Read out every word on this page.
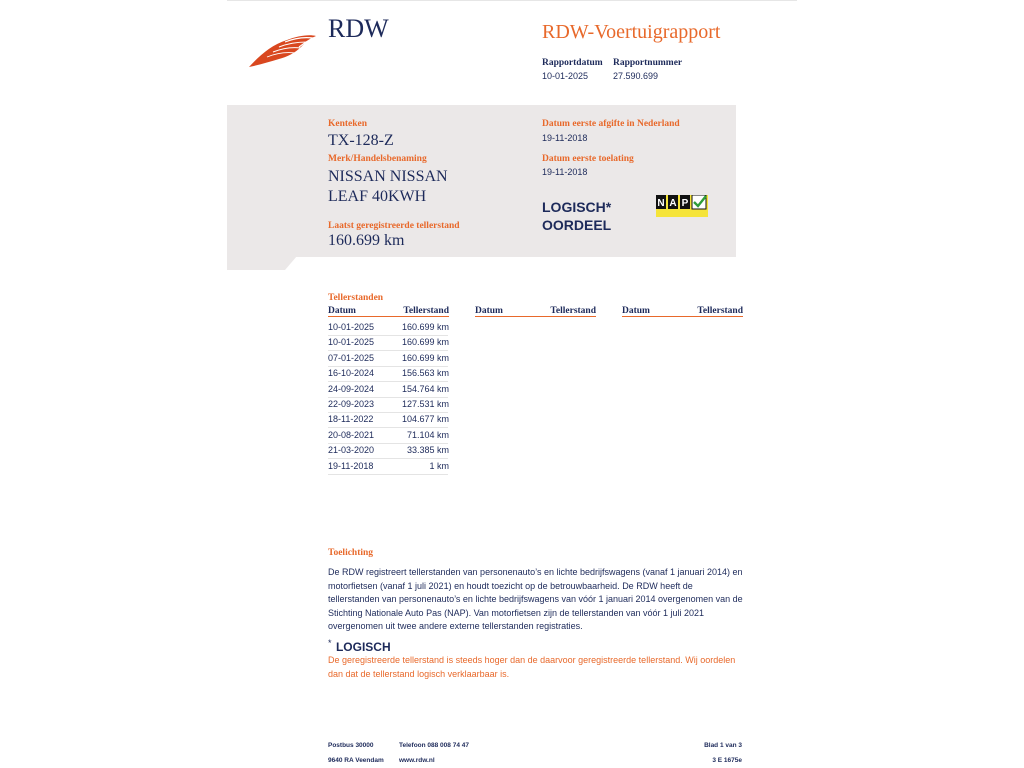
RDW	RDW-Voertuigrapport
Rapportdatum
10-01-2025
Rapportnummer
27.590.699
Kenteken
TX-128-Z
Merk/Handelsbenaming
NISSAN NISSAN
LEAF 40KWH
Laatst geregistreerde tellerstand
160.699 km
Datum eerste afgifte in Nederland
19-11-2018
Datum eerste toelating
19-11-2018
LOGISCH*
OORDEEL
N A P
Tellerstanden
Datum	Tellerstand	Datum	Tellerstand	Datum	Tellerstand
10-01-2025	160.699 km
10-01-2025	160.699 km
07-01-2025	160.699 km
16-10-2024	156.563 km
24-09-2024	154.764 km
22-09-2023	127.531 km
18-11-2022	104.677 km
20-08-2021	71.104 km
21-03-2020	33.385 km
19-11-2018	1 km
Toelichting
De RDW registreert tellerstanden van personenauto’s en lichte bedrijfswagens (vanaf 1 januari 2014) en motorfietsen (vanaf 1 juli 2021) en houdt toezicht op de betrouwbaarheid. De RDW heeft de tellerstanden van personenauto’s en lichte bedrijfswagens van vóór 1 januari 2014 overgenomen van de Stichting Nationale Auto Pas (NAP). Van motorfietsen zijn de tellerstanden van vóór 1 juli 2021 overgenomen uit twee andere externe tellerstanden registraties.
* LOGISCH
De geregistreerde tellerstand is steeds hoger dan de daarvoor geregistreerde tellerstand. Wij oordelen dan dat de tellerstand logisch verklaarbaar is.
Postbus 30000
9640 RA Veendam
Telefoon 088 008 74 47
www.rdw.nl
Blad 1 van 3
3 E 1675e
